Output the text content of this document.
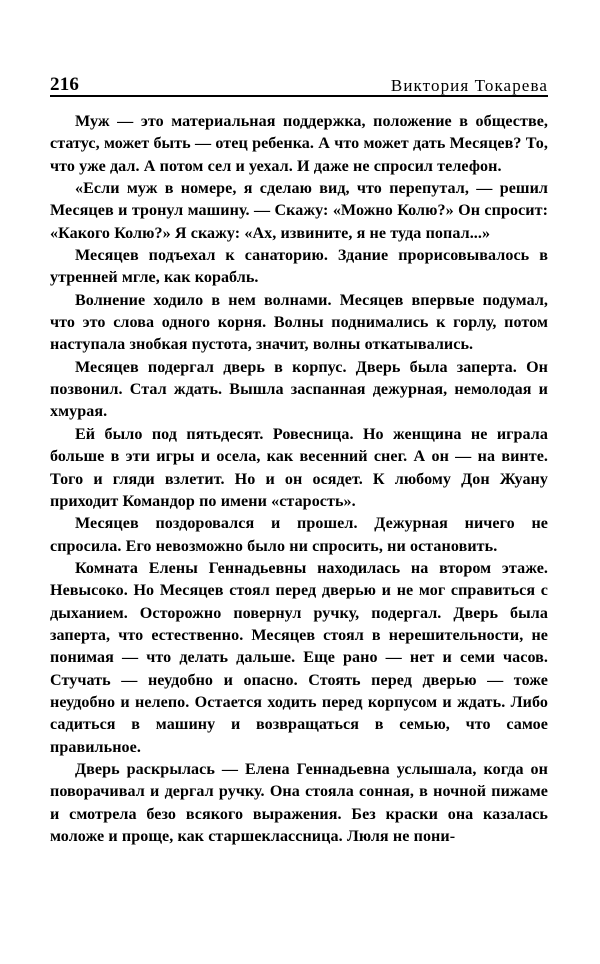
216	Виктория Токарева

Муж — это материальная поддержка, положение в обществе, статус, может быть — отец ребенка. А что может дать Месяцев? То, что уже дал. А потом сел и уехал. И даже не спросил телефон.

«Если муж в номере, я сделаю вид, что перепутал, — решил Месяцев и тронул машину. — Скажу: «Можно Колю?» Он спросит: «Какого Колю?» Я скажу: «Ах, извините, я не туда попал...»

Месяцев подъехал к санаторию. Здание прорисовывалось в утренней мгле, как корабль.

Волнение ходило в нем волнами. Месяцев впервые подумал, что это слова одного корня. Волны поднимались к горлу, потом наступала знобкая пустота, значит, волны откатывались.

Месяцев подергал дверь в корпус. Дверь была заперта. Он позвонил. Стал ждать. Вышла заспанная дежурная, немолодая и хмурая.

Ей было под пятьдесят. Ровесница. Но женщина не играла больше в эти игры и осела, как весенний снег. А он — на винте. Того и гляди взлетит. Но и он осядет. К любому Дон Жуану приходит Командор по имени «старость».

Месяцев поздоровался и прошел. Дежурная ничего не спросила. Его невозможно было ни спросить, ни остановить.

Комната Елены Геннадьевны находилась на втором этаже. Невысоко. Но Месяцев стоял перед дверью и не мог справиться с дыханием. Осторожно повернул ручку, подергал. Дверь была заперта, что естественно. Месяцев стоял в нерешительности, не понимая — что делать дальше. Еще рано — нет и семи часов. Стучать — неудобно и опасно. Стоять перед дверью — тоже неудобно и нелепо. Остается ходить перед корпусом и ждать. Либо садиться в машину и возвращаться в семью, что самое правильное.

Дверь раскрылась — Елена Геннадьевна услышала, когда он поворачивал и дергал ручку. Она стояла сонная, в ночной пижаме и смотрела безо всякого выражения. Без краски она казалась моложе и проще, как старшеклассница. Люля не пони-
